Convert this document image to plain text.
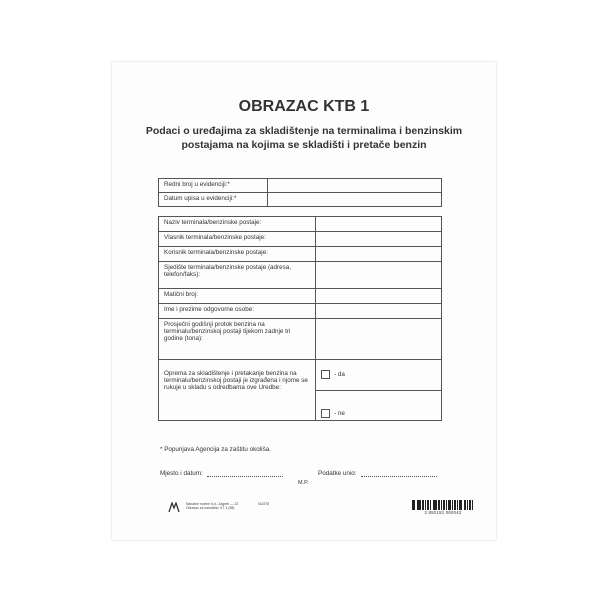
OBRAZAC KTB 1
Podaci o uređajima za skladištenje na terminalima i benzinskim postajama na kojima se skladišti i pretače benzin
Redni broj u evidenciji:*	
Datum upisa u evidenciji:*	
Naziv terminala/benzinske postaje:	
Vlasnik terminala/benzinske postaje:	
Korisnik terminala/benzinske postaje:	
Sjedište terminala/benzinske postaje (adresa, telefon/faks):	
Matični broj:	
Ime i prezime odgovorne osobe:	
Prosječni godišnji protok benzina na terminalu/benzinskoj postaji tijekom zadnje tri godine (tona):	
Oprema za skladištenje i pretakanje benzina na terminalu/benzinskoj postaji je izgrađena i njome se rukuje u skladu s odredbama ove Uredbe:	- da

	- ne
* Popunjava Agencija za zaštitu okoliša.
Mjesto i datum:	Podatke unio:
M.P.
Narodne novine d.d., Zagreb — 22
Obrazac za narudžbu: KT-1 (98)
011578
3 850152 060042
